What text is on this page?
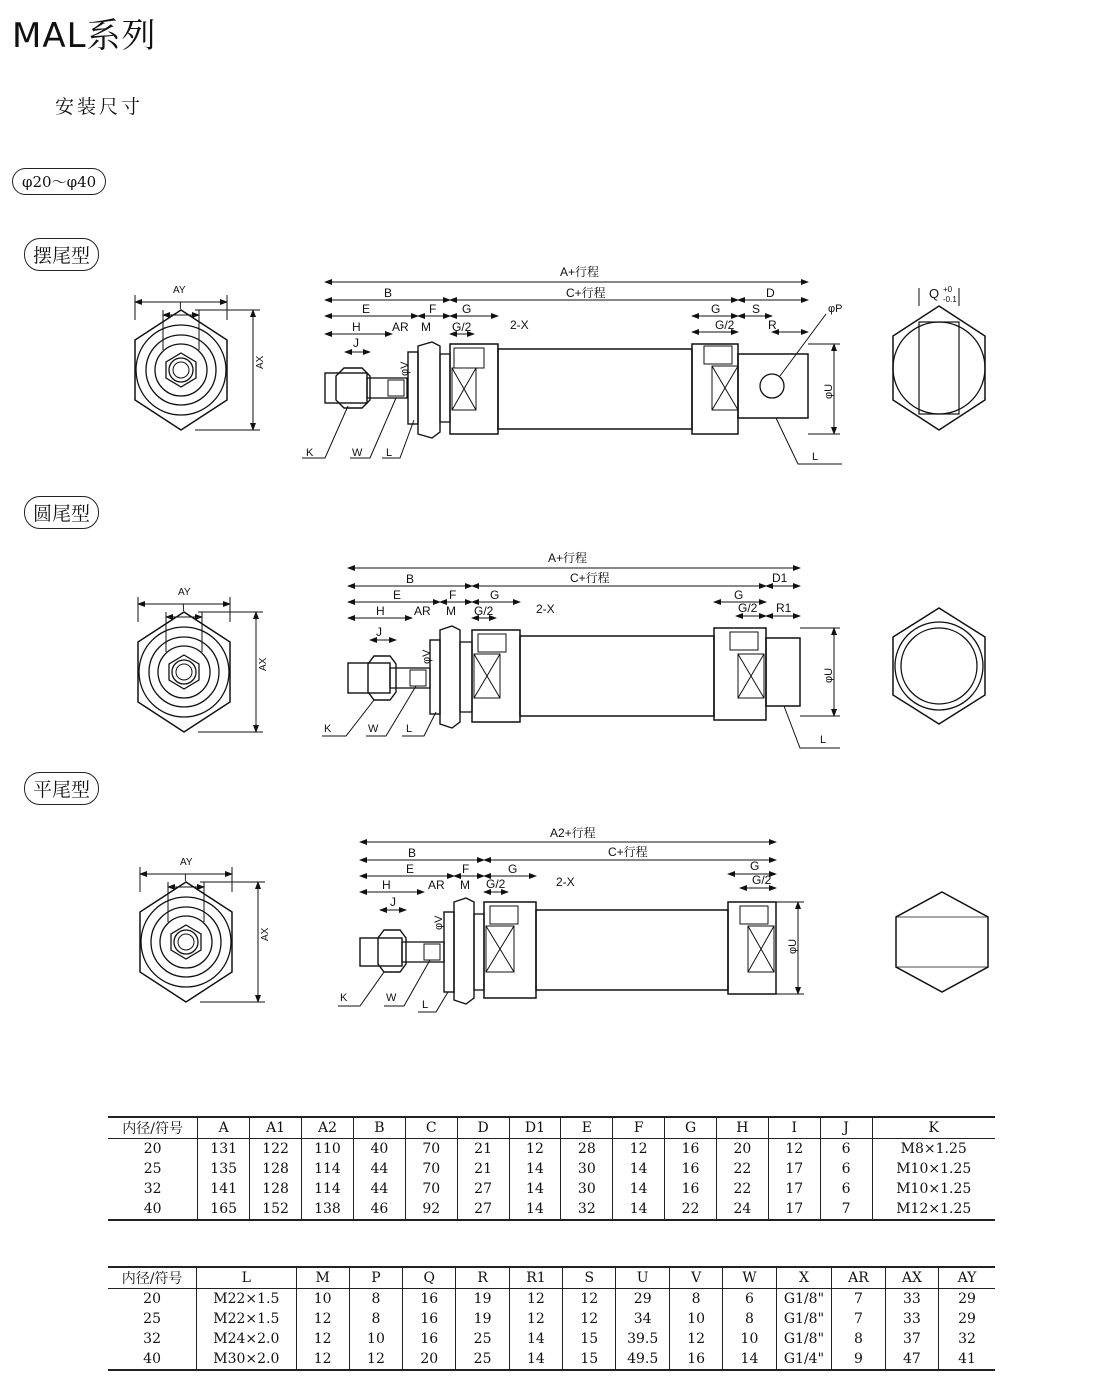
MAL系列
安装尺寸
φ20～φ40
摆尾型
圆尾型
平尾型
AY
I
AX
A+行程
B	C+行程	D
E	F G	G	S	φP
H	AR M G/2	2-X	G/2	R
J
φV
φU
K	W L	L
Q +0
-0.1
AY
I
AX
A+行程
B	C+行程	D1
E	F	G	G
H AR M G/2	2-X	G/2 R1
J
φV
φU
K	W	L
L
AY
I
AX
A2+行程
B	C+行程
E	F	G	G
H	AR M G/2	2-X	G/2
J
φV
φU
K	W
L
内径/符号	A	A1	A2	B	C	D	D1	E	F	G	H	I	J	K
20	131	122	110	40	70	21	12	28	12	16	20	12	6	M8×1.25
25	135	128	114	44	70	21	14	30	14	16	22	17	6	M10×1.25
32	141	128	114	44	70	27	14	30	14	16	22	17	6	M10×1.25
40	165	152	138	46	92	27	14	32	14	22	24	17	7	M12×1.25
内径/符号	L	M	P	Q	R	R1	S	U	V	W	X	AR	AX	AY
20	M22×1.5	10	8	16	19	12	12	29	8	6	G1/8"	7	33	29
25	M22×1.5	12	8	16	19	12	12	34	10	8	G1/8"	7	33	29
32	M24×2.0	12	10	16	25	14	15	39.5	12	10	G1/8"	8	37	32
40	M30×2.0	12	12	20	25	14	15	49.5	16	14	G1/4"	9	47	41
